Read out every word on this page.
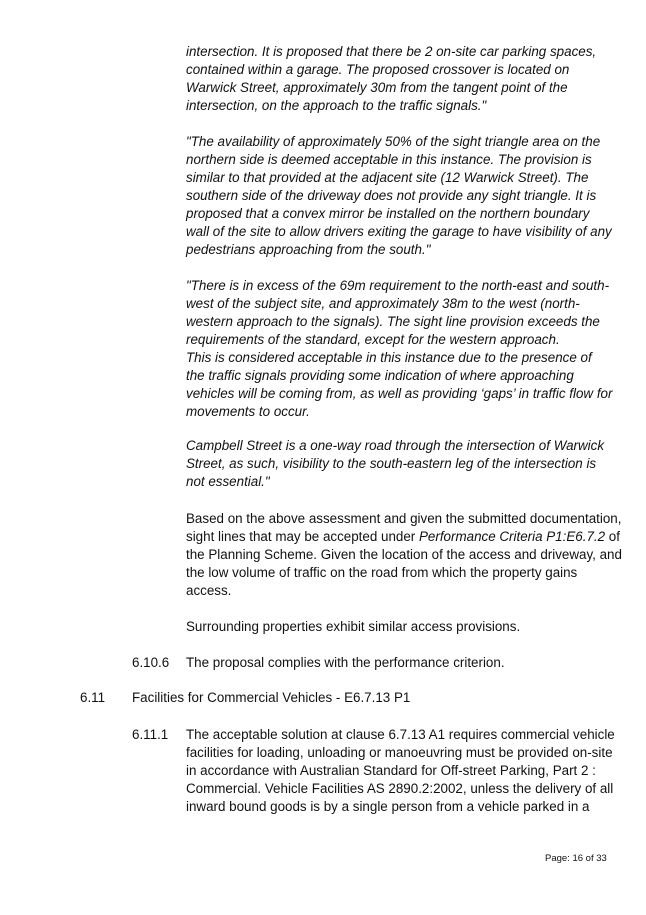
intersection. It is proposed that there be 2 on-site car parking spaces,
contained within a garage. The proposed crossover is located on
Warwick Street, approximately 30m from the tangent point of the
intersection, on the approach to the traffic signals."
"The availability of approximately 50% of the sight triangle area on the
northern side is deemed acceptable in this instance. The provision is
similar to that provided at the adjacent site (12 Warwick Street). The
southern side of the driveway does not provide any sight triangle. It is
proposed that a convex mirror be installed on the northern boundary
wall of the site to allow drivers exiting the garage to have visibility of any
pedestrians approaching from the south."
"There is in excess of the 69m requirement to the north-east and south-
west of the subject site, and approximately 38m to the west (north-
western approach to the signals). The sight line provision exceeds the
requirements of the standard, except for the western approach.
This is considered acceptable in this instance due to the presence of
the traffic signals providing some indication of where approaching
vehicles will be coming from, as well as providing ‘gaps’ in traffic flow for
movements to occur.
Campbell Street is a one-way road through the intersection of Warwick
Street, as such, visibility to the south-eastern leg of the intersection is
not essential."
Based on the above assessment and given the submitted documentation,
sight lines that may be accepted under Performance Criteria P1:E6.7.2 of
the Planning Scheme. Given the location of the access and driveway, and
the low volume of traffic on the road from which the property gains
access.
Surrounding properties exhibit similar access provisions.
6.10.6 The proposal complies with the performance criterion.
6.11 Facilities for Commercial Vehicles - E6.7.13 P1
6.11.1 The acceptable solution at clause 6.7.13 A1 requires commercial vehicle
facilities for loading, unloading or manoeuvring must be provided on-site
in accordance with Australian Standard for Off-street Parking, Part 2 :
Commercial. Vehicle Facilities AS 2890.2:2002, unless the delivery of all
inward bound goods is by a single person from a vehicle parked in a
Page: 16 of 33
